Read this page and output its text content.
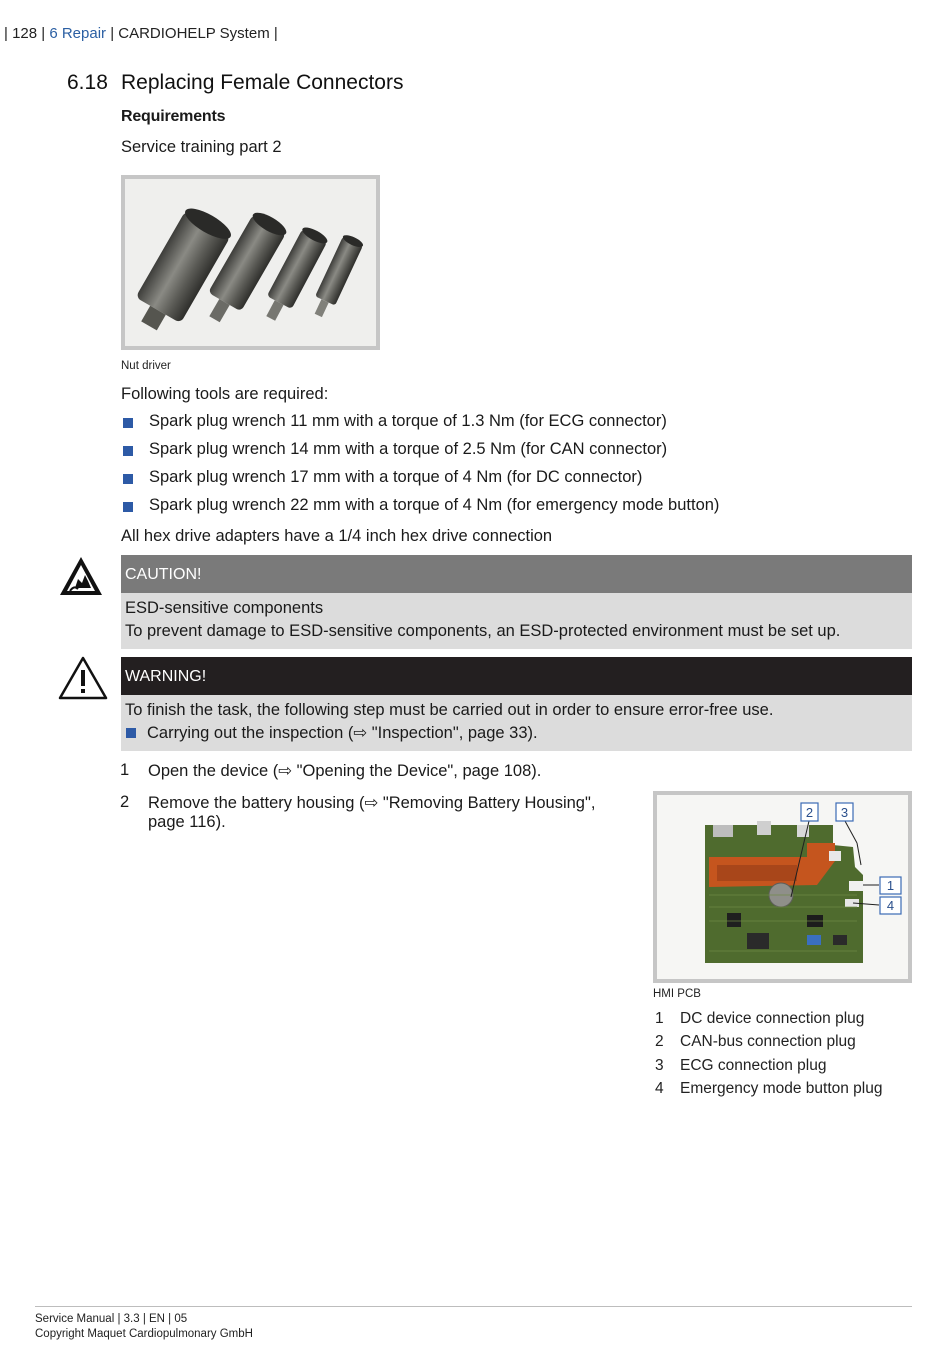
| 128 | 6 Repair | CARDIOHELP System |
6.18 Replacing Female Connectors
Requirements
Service training part 2
Nut driver
Following tools are required:
Spark plug wrench 11 mm with a torque of 1.3 Nm (for ECG connector)
Spark plug wrench 14 mm with a torque of 2.5 Nm (for CAN connector)
Spark plug wrench 17 mm with a torque of 4 Nm (for DC connector)
Spark plug wrench 22 mm with a torque of 4 Nm (for emergency mode button)
All hex drive adapters have a 1/4 inch hex drive connection
CAUTION!
ESD-sensitive components
To prevent damage to ESD-sensitive components, an ESD-protected environment must be set up.
WARNING!
To finish the task, the following step must be carried out in order to ensure error-free use.
Carrying out the inspection (⇨ "Inspection", page 33).
1 Open the device (⇨ "Opening the Device", page 108).
2 Remove the battery housing (⇨ "Removing Battery Housing",
page 116).
2 3
1
4
HMI PCB
1 DC device connection plug
2 CAN-bus connection plug
3 ECG connection plug
4 Emergency mode button plug
Service Manual | 3.3 | EN | 05
Copyright Maquet Cardiopulmonary GmbH
